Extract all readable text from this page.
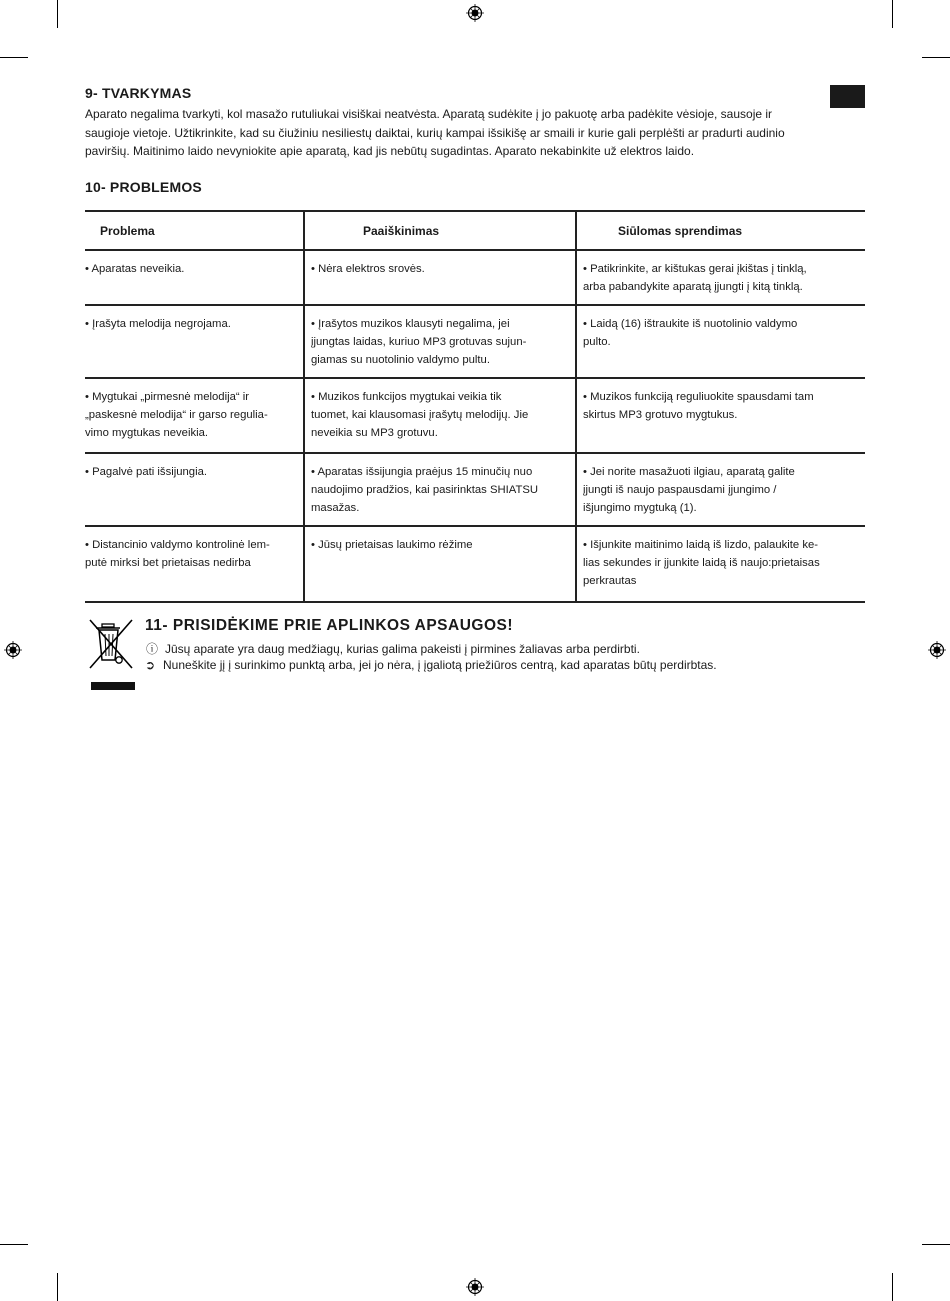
9- TVARKYMAS

Aparato negalima tvarkyti, kol masažo rutuliukai visiškai neatvėsta. Aparatą sudėkite į jo pakuotę arba padėkite vėsioje, sausoje ir
saugioje vietoje. Užtikrinkite, kad su čiužiniu nesiliestų daiktai, kurių kampai išsikišę ar smaili ir kurie gali perplėšti ar pradurti audinio
paviršių. Maitinimo laido nevyniokite apie aparatą, kad jis nebūtų sugadintas. Aparato nekabinkite už elektros laido.

10- PROBLEMOS
Problema	Paaiškinimas	Siūlomas sprendimas

• Aparatas neveikia.	• Nėra elektros srovės.	• Patikrinkite, ar kištukas gerai įkištas į tinklą,
arba pabandykite aparatą įjungti į kitą tinklą.
• Įrašyta melodija negrojama.	• Įrašytos muzikos klausyti negalima, jei
įjungtas laidas, kuriuo MP3 grotuvas sujun-
giamas su nuotolinio valdymo pultu.	• Laidą (16) ištraukite iš nuotolinio valdymo
pulto.
• Mygtukai „pirmesnė melodija“ ir
„paskesnė melodija“ ir garso regulia-
vimo mygtukas neveikia.	• Muzikos funkcijos mygtukai veikia tik
tuomet, kai klausomasi įrašytų melodijų. Jie
neveikia su MP3 grotuvu.	• Muzikos funkciją reguliuokite spausdami tam
skirtus MP3 grotuvo mygtukus.
• Pagalvė pati išsijungia.	• Aparatas išsijungia praėjus 15 minučių nuo
naudojimo pradžios, kai pasirinktas SHIATSU
masažas.	• Jei norite masažuoti ilgiau, aparatą galite
įjungti iš naujo paspausdami įjungimo /
išjungimo mygtuką (1).
• Distancinio valdymo kontrolinė lem-
putė mirksi bet prietaisas nedirba	• Jūsų prietaisas laukimo rėžime	• Išjunkite maitinimo laidą iš lizdo, palaukite ke-
lias sekundes ir įjunkite laidą iš naujo:prietaisas
perkrautas
11- PRISIDĖKIME PRIE APLINKOS APSAUGOS!

ⓘ Jūsų aparate yra daug medžiagų, kurias galima pakeisti į pirmines žaliavas arba perdirbti.

➲ Nuneškite jį į surinkimo punktą arba, jei jo nėra, į įgaliotą priežiūros centrą, kad aparatas būtų perdirbtas.
